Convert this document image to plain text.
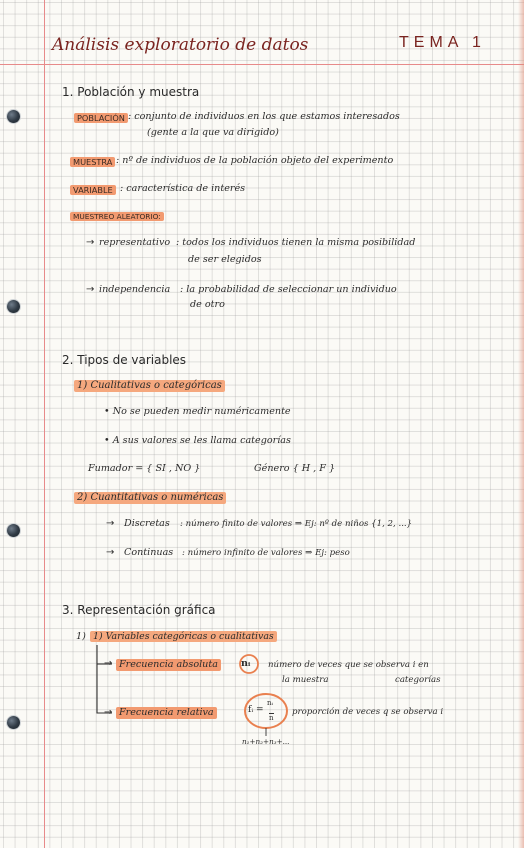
Análisis exploratorio de datos	TEMA 1
1. Población y muestra
POBLACIÓN : conjunto de individuos en los que estamos interesados
(gente a la que va dirigido)
MUESTRA : nº de individuos de la población objeto del experimento
VARIABLE : característica de interés
MUESTREO ALEATORIO:
→ representativo : todos los individuos tienen la misma posibilidad
de ser elegidos
→ independencia : la probabilidad de seleccionar un individuo
de otro
2. Tipos de variables
1) Cualitativas o categóricas
• No se pueden medir numéricamente
• A sus valores se les llama categorías
Fumador = { SI , NO }	Género { H , F }
2) Cuantitativas o numéricas
→ Discretas : número finito de valores ⇒ Ej: nº de niños {1, 2, ...}
→ Continuas : número infinito de valores ⇒ Ej: peso
3. Representación gráfica
1) 1) Variables categóricas o cualitativas
→ Frecuencia absoluta	nᵢ número de veces que se observa i en
la muestra	categorías
→ Frecuencia relativa	fᵢ =
nᵢ
n
proporción de veces q se observa i
n₁+n₂+n₃+...
